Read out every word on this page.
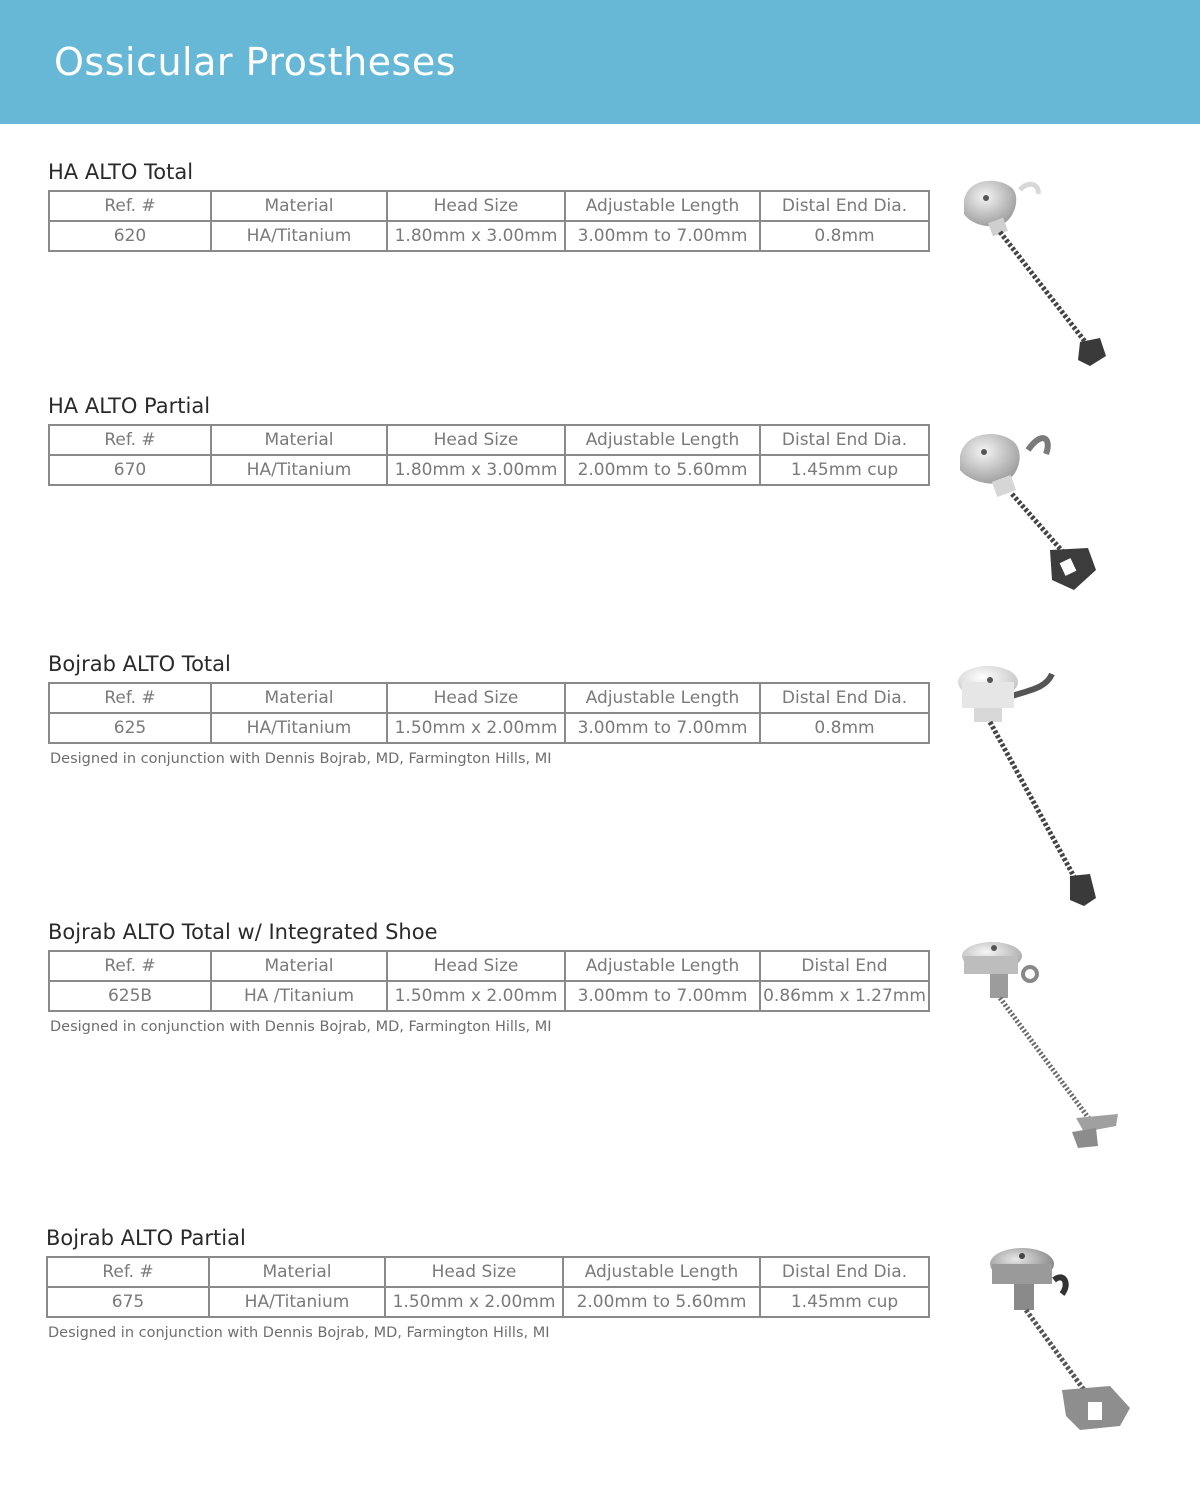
Ossicular Prostheses
HA ALTO Total
Ref. #	Material	Head Size	Adjustable Length	Distal End Dia.
620	HA/Titanium	1.80mm x 3.00mm	3.00mm to 7.00mm	0.8mm
HA ALTO Partial
Ref. #	Material	Head Size	Adjustable Length	Distal End Dia.
670	HA/Titanium	1.80mm x 3.00mm	2.00mm to 5.60mm	1.45mm cup
Bojrab ALTO Total
Ref. #	Material	Head Size	Adjustable Length	Distal End Dia.
625	HA/Titanium	1.50mm x 2.00mm	3.00mm to 7.00mm	0.8mm
Designed in conjunction with Dennis Bojrab, MD, Farmington Hills, MI
Bojrab ALTO Total w/ Integrated Shoe
Ref. #	Material	Head Size	Adjustable Length	Distal End
625B	HA /Titanium	1.50mm x 2.00mm	3.00mm to 7.00mm	0.86mm x 1.27mm
Designed in conjunction with Dennis Bojrab, MD, Farmington Hills, MI
Bojrab ALTO Partial
Ref. #	Material	Head Size	Adjustable Length	Distal End Dia.
675	HA/Titanium	1.50mm x 2.00mm	2.00mm to 5.60mm	1.45mm cup
Designed in conjunction with Dennis Bojrab, MD, Farmington Hills, MI
